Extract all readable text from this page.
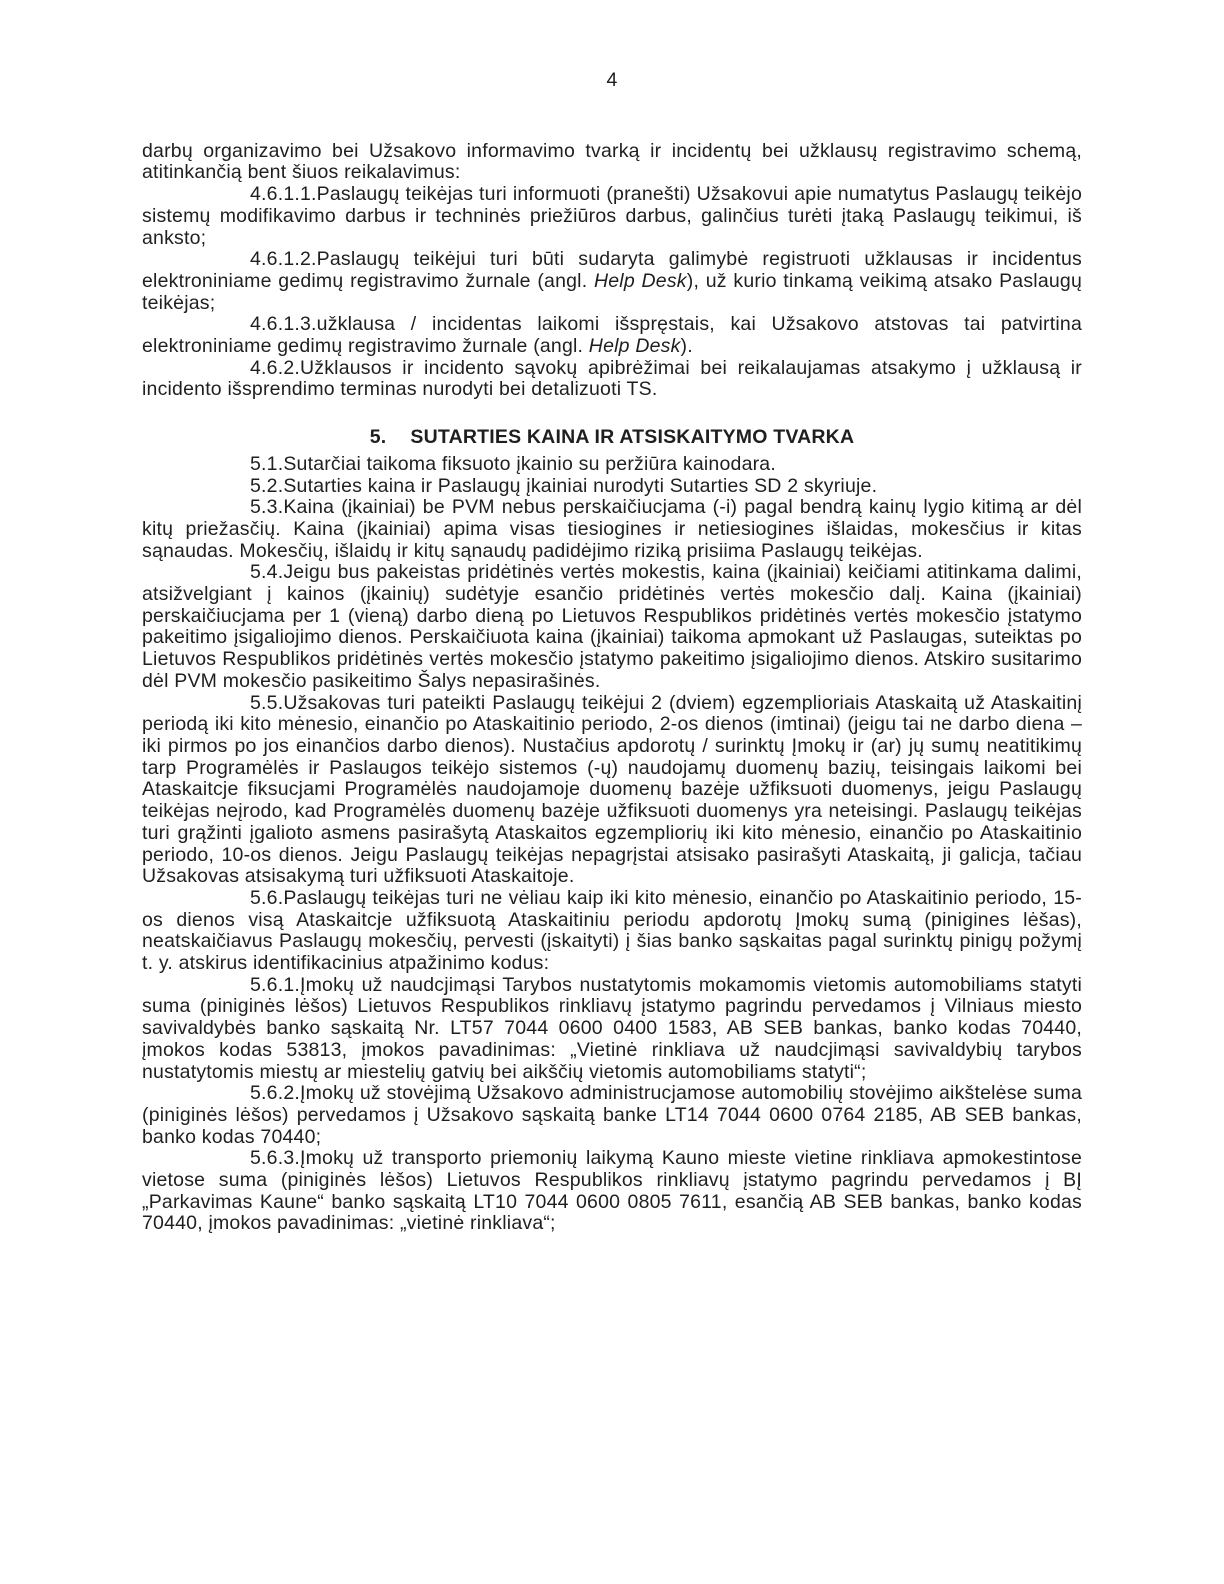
4

darbų organizavimo bei Užsakovo informavimo tvarką ir incidentų bei užklausų registravimo schemą, atitinkančią bent šiuos reikalavimus:

4.6.1.1.Paslaugų teikėjas turi informuoti (pranešti) Užsakovui apie numatytus Paslaugų teikėjo sistemų modifikavimo darbus ir techninės priežiūros darbus, galinčius turėti įtaką Paslaugų teikimui, iš anksto;

4.6.1.2.Paslaugų teikėjui turi būti sudaryta galimybė registruoti užklausas ir incidentus elektroniniame gedimų registravimo žurnale (angl. Help Desk), už kurio tinkamą veikimą atsako Paslaugų teikėjas;

4.6.1.3.užklausa / incidentas laikomi išspręstais, kai Užsakovo atstovas tai patvirtina elektroniniame gedimų registravimo žurnale (angl. Help Desk).

4.6.2.Užklausos ir incidento sąvokų apibrėžimai bei reikalaujamas atsakymo į užklausą ir incidento išsprendimo terminas nurodyti bei detalizuoti TS.

5. SUTARTIES KAINA IR ATSISKAITYMO TVARKA

5.1.Sutarčiai taikoma fiksuoto įkainio su peržiūra kainodara.

5.2.Sutarties kaina ir Paslaugų įkainiai nurodyti Sutarties SD 2 skyriuje.

5.3.Kaina (įkainiai) be PVM nebus perskaičiucjama (-i) pagal bendrą kainų lygio kitimą ar dėl kitų priežasčių. Kaina (įkainiai) apima visas tiesiogines ir netiesiogines išlaidas, mokesčius ir kitas sąnaudas. Mokesčių, išlaidų ir kitų sąnaudų padidėjimo riziką prisiima Paslaugų teikėjas.

5.4.Jeigu bus pakeistas pridėtinės vertės mokestis, kaina (įkainiai) keičiami atitinkama dalimi, atsižvelgiant į kainos (įkainių) sudėtyje esančio pridėtinės vertės mokesčio dalį. Kaina (įkainiai) perskaičiucjama per 1 (vieną) darbo dieną po Lietuvos Respublikos pridėtinės vertės mokesčio įstatymo pakeitimo įsigaliojimo dienos. Perskaičiuota kaina (įkainiai) taikoma apmokant už Paslaugas, suteiktas po Lietuvos Respublikos pridėtinės vertės mokesčio įstatymo pakeitimo įsigaliojimo dienos. Atskiro susitarimo dėl PVM mokesčio pasikeitimo Šalys nepasirašinės.

5.5.Užsakovas turi pateikti Paslaugų teikėjui 2 (dviem) egzemplioriais Ataskaitą už Ataskaitinį periodą iki kito mėnesio, einančio po Ataskaitinio periodo, 2-os dienos (imtinai) (jeigu tai ne darbo diena – iki pirmos po jos einančios darbo dienos). Nustačius apdorotų / surinktų Įmokų ir (ar) jų sumų neatitikimų tarp Programėlės ir Paslaugos teikėjo sistemos (-ų) naudojamų duomenų bazių, teisingais laikomi bei Ataskaitcje fiksucjami Programėlės naudojamoje duomenų bazėje užfiksuoti duomenys, jeigu Paslaugų teikėjas neįrodo, kad Programėlės duomenų bazėje užfiksuoti duomenys yra neteisingi. Paslaugų teikėjas turi grąžinti įgalioto asmens pasirašytą Ataskaitos egzempliorių iki kito mėnesio, einančio po Ataskaitinio periodo, 10-os dienos. Jeigu Paslaugų teikėjas nepagrįstai atsisako pasirašyti Ataskaitą, ji galicja, tačiau Užsakovas atsisakymą turi užfiksuoti Ataskaitoje.

5.6.Paslaugų teikėjas turi ne vėliau kaip iki kito mėnesio, einančio po Ataskaitinio periodo, 15-os dienos visą Ataskaitcje užfiksuotą Ataskaitiniu periodu apdorotų Įmokų sumą (pinigines lėšas), neatskaičiavus Paslaugų mokesčių, pervesti (įskaityti) į šias banko sąskaitas pagal surinktų pinigų požymį t. y. atskirus identifikacinius atpažinimo kodus:

5.6.1.Įmokų už naudcjimąsi Tarybos nustatytomis mokamomis vietomis automobiliams statyti suma (piniginės lėšos) Lietuvos Respublikos rinkliavų įstatymo pagrindu pervedamos į Vilniaus miesto savivaldybės banko sąskaitą Nr. LT57 7044 0600 0400 1583, AB SEB bankas, banko kodas 70440, įmokos kodas 53813, įmokos pavadinimas: „Vietinė rinkliava už naudcjimąsi savivaldybių tarybos nustatytomis miestų ar miestelių gatvių bei aikščių vietomis automobiliams statyti“;

5.6.2.Įmokų už stovėjimą Užsakovo administrucjamose automobilių stovėjimo aikštelėse suma (piniginės lėšos) pervedamos į Užsakovo sąskaitą banke LT14 7044 0600 0764 2185, AB SEB bankas, banko kodas 70440;

5.6.3.Įmokų už transporto priemonių laikymą Kauno mieste vietine rinkliava apmokestintose vietose suma (piniginės lėšos) Lietuvos Respublikos rinkliavų įstatymo pagrindu pervedamos į BĮ „Parkavimas Kaune“ banko sąskaitą LT10 7044 0600 0805 7611, esančią AB SEB bankas, banko kodas 70440, įmokos pavadinimas: „vietinė rinkliava“;
